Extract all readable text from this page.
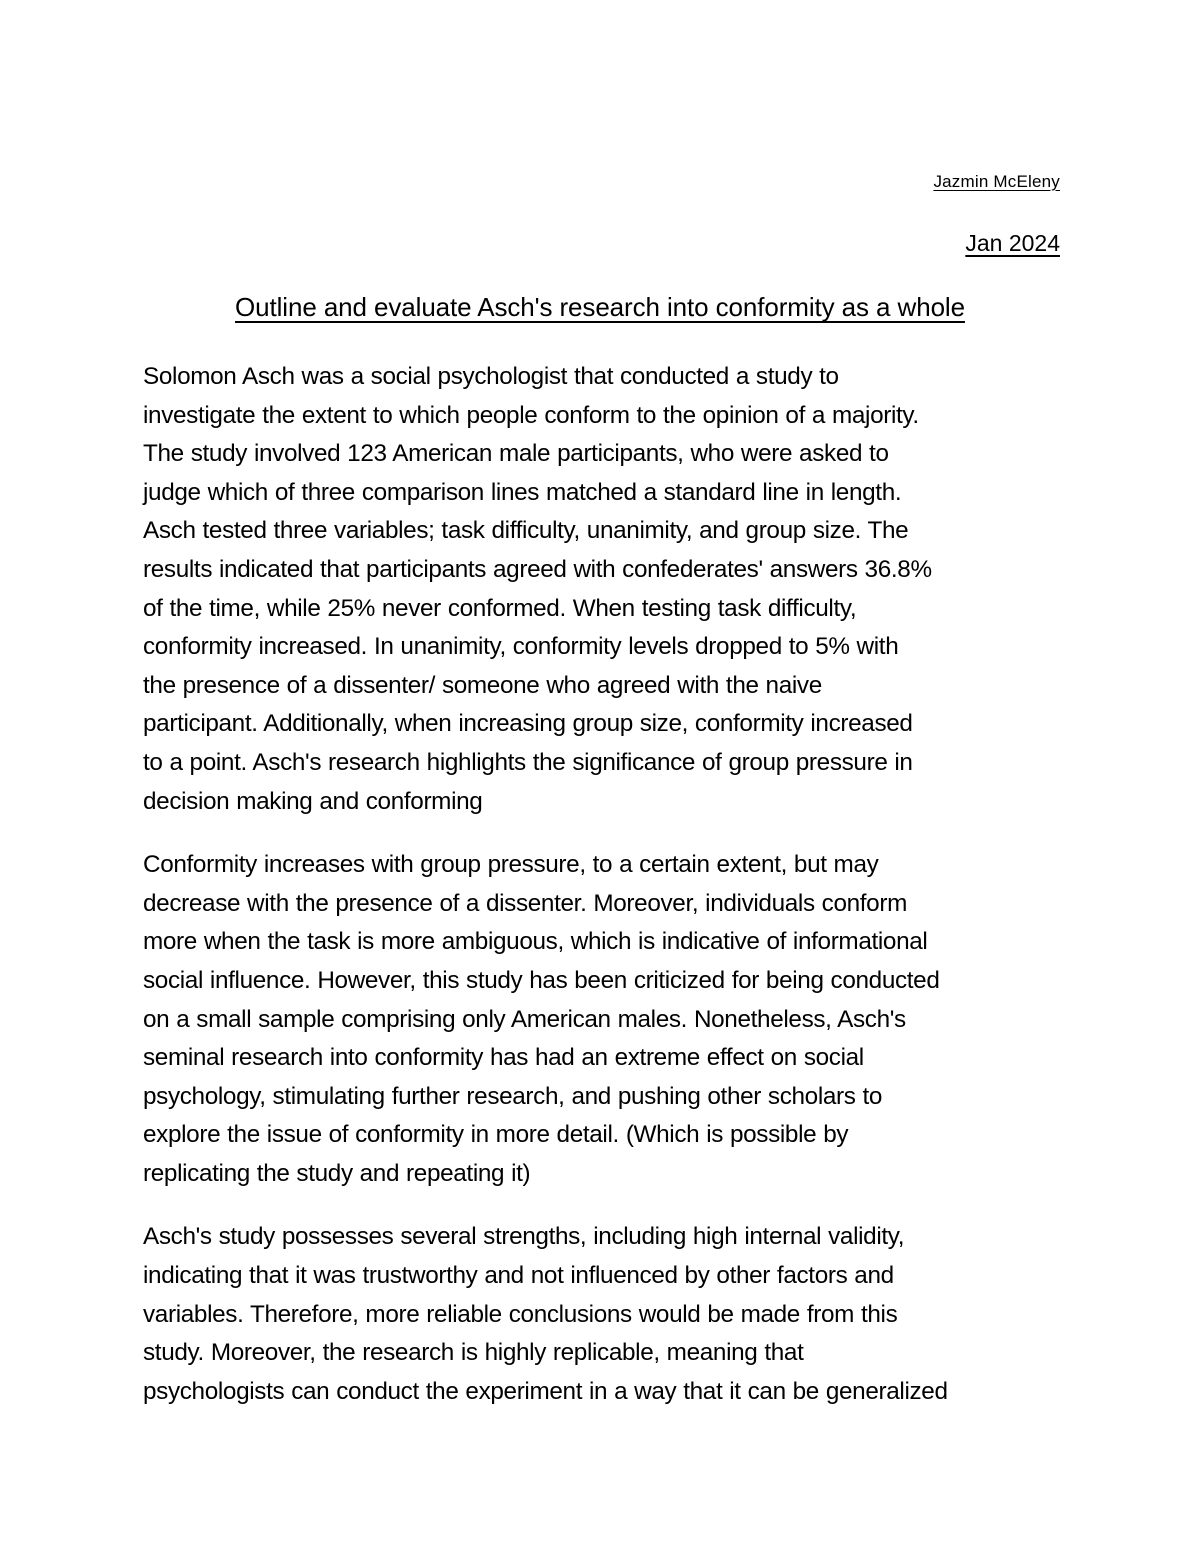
Jazmin McEleny
Jan 2024
Outline and evaluate Asch's research into conformity as a whole

Solomon Asch was a social psychologist that conducted a study to
investigate the extent to which people conform to the opinion of a majority.
The study involved 123 American male participants, who were asked to
judge which of three comparison lines matched a standard line in length.
Asch tested three variables; task difficulty, unanimity, and group size. The
results indicated that participants agreed with confederates' answers 36.8%
of the time, while 25% never conformed. When testing task difficulty,
conformity increased. In unanimity, conformity levels dropped to 5% with
the presence of a dissenter/ someone who agreed with the naive
participant. Additionally, when increasing group size, conformity increased
to a point. Asch's research highlights the significance of group pressure in
decision making and conforming

Conformity increases with group pressure, to a certain extent, but may
decrease with the presence of a dissenter. Moreover, individuals conform
more when the task is more ambiguous, which is indicative of informational
social influence. However, this study has been criticized for being conducted
on a small sample comprising only American males. Nonetheless, Asch's
seminal research into conformity has had an extreme effect on social
psychology, stimulating further research, and pushing other scholars to
explore the issue of conformity in more detail. (Which is possible by
replicating the study and repeating it)

Asch's study possesses several strengths, including high internal validity,
indicating that it was trustworthy and not influenced by other factors and
variables. Therefore, more reliable conclusions would be made from this
study. Moreover, the research is highly replicable, meaning that
psychologists can conduct the experiment in a way that it can be generalized
